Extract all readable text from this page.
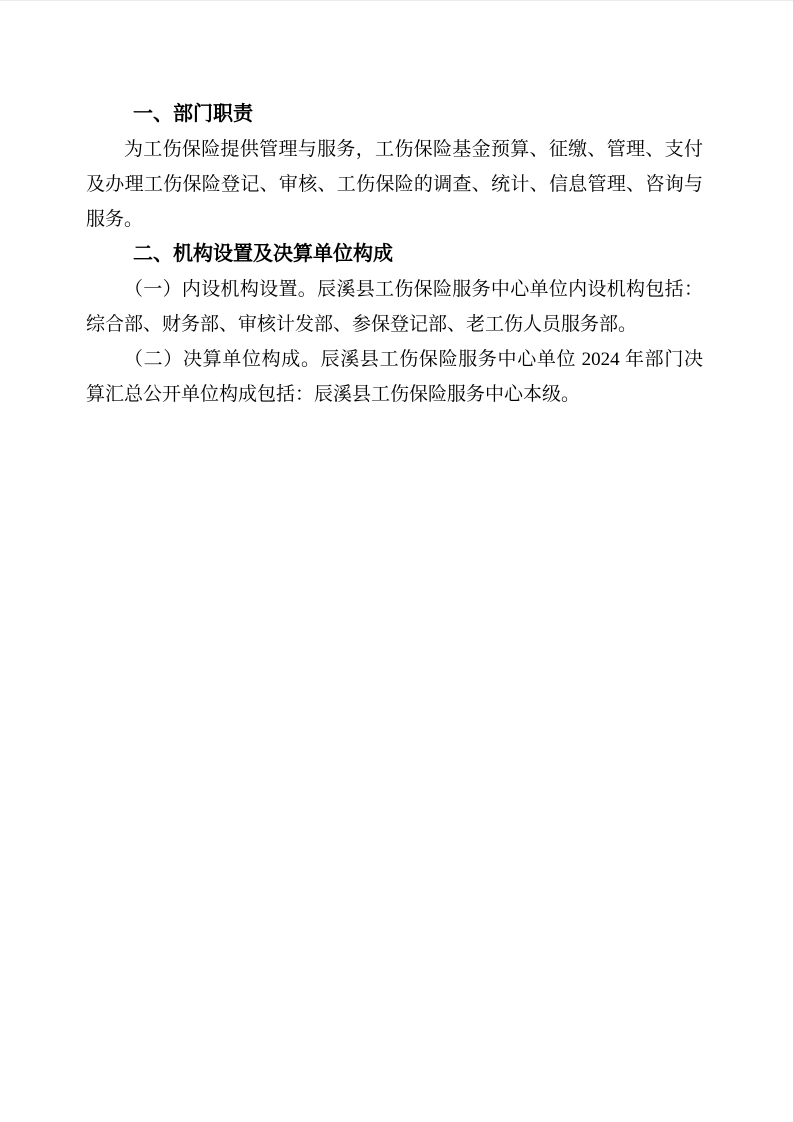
一、部门职责
为工伤保险提供管理与服务，工伤保险基金预算、征缴、管理、支付
及办理工伤保险登记、审核、工伤保险的调查、统计、信息管理、咨询与
服务。
二、机构设置及决算单位构成
（一）内设机构设置。辰溪县工伤保险服务中心单位内设机构包括：
综合部、财务部、审核计发部、参保登记部、老工伤人员服务部。
（二）决算单位构成。辰溪县工伤保险服务中心单位 2024 年部门决
算汇总公开单位构成包括：辰溪县工伤保险服务中心本级。
